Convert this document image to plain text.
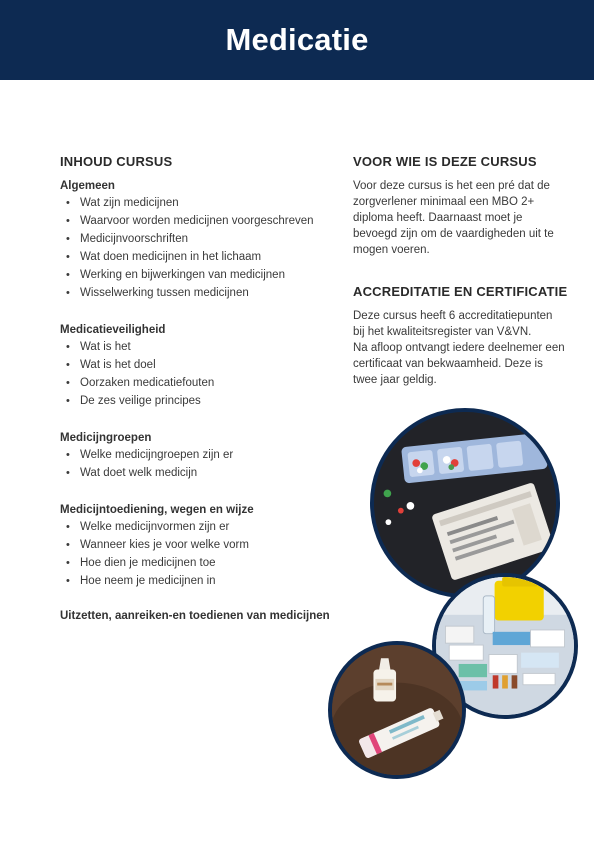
Medicatie
INHOUD CURSUS
Algemeen
• Wat zijn medicijnen
• Waarvoor worden medicijnen voorgeschreven
• Medicijnvoorschriften
• Wat doen medicijnen in het lichaam
• Werking en bijwerkingen van medicijnen
• Wisselwerking tussen medicijnen
Medicatieveiligheid
• Wat is het
• Wat is het doel
• Oorzaken medicatiefouten
• De zes veilige principes
Medicijngroepen
• Welke medicijngroepen zijn er
• Wat doet welk medicijn
Medicijntoediening, wegen en wijze
• Welke medicijnvormen zijn er
• Wanneer kies je voor welke vorm
• Hoe dien je medicijnen toe
• Hoe neem je medicijnen in
Uitzetten, aanreiken-en toedienen van medicijnen
VOOR WIE IS DEZE CURSUS

Voor deze cursus is het een pré dat de

zorgverlener minimaal een MBO 2+

diploma heeft. Daarnaast moet je

bevoegd zijn om de vaardigheden uit te

mogen voeren.

ACCREDITATIE EN CERTIFICATIE

Deze cursus heeft 6 accreditatiepunten

bij het kwaliteitsregister van V&VN.

Na afloop ontvangt iedere deelnemer een

certificaat van bekwaamheid. Deze is

twee jaar geldig.
